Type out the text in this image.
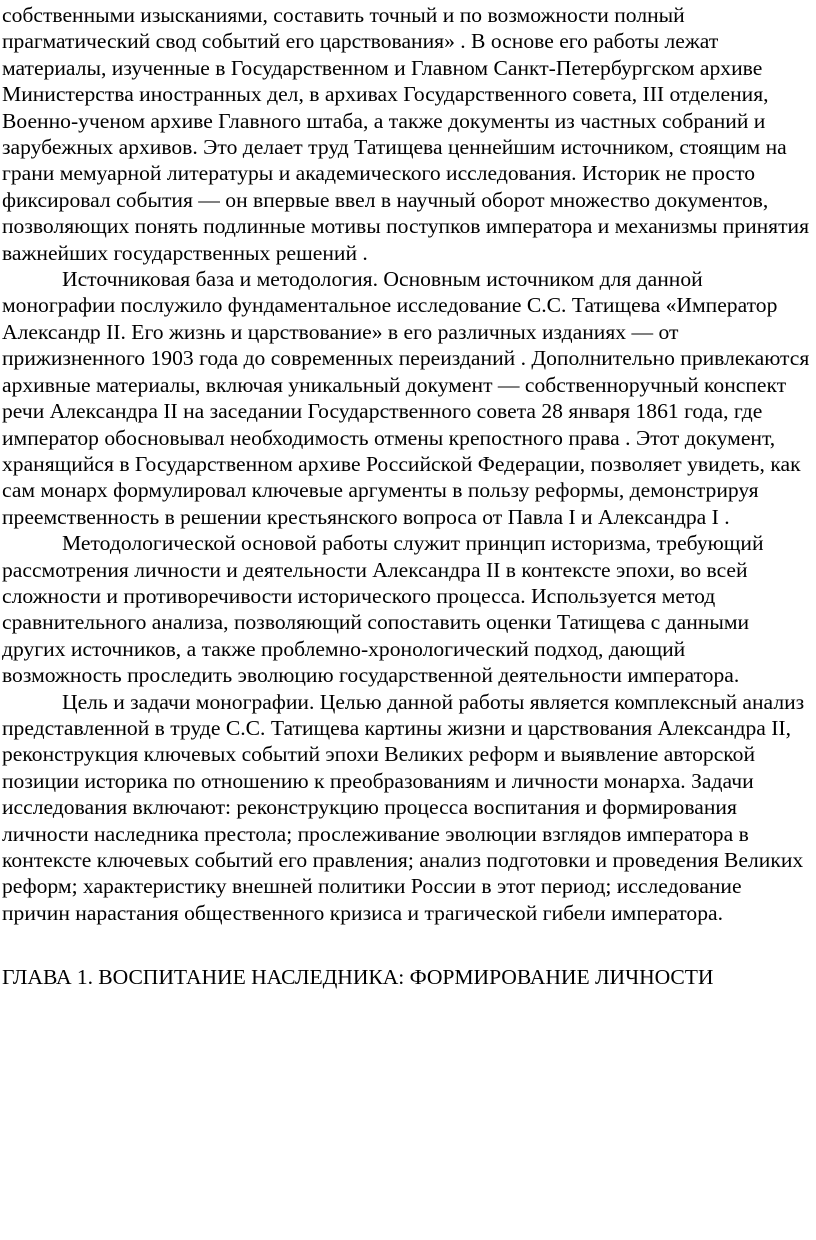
собственными изысканиями, составить точный и по возможности полный прагматический свод событий его царствования» . В основе его работы лежат материалы, изученные в Государственном и Главном Санкт-Петербургском архиве Министерства иностранных дел, в архивах Государственного совета, III отделения, Военно-ученом архиве Главного штаба, а также документы из частных собраний и зарубежных архивов. Это делает труд Татищева ценнейшим источником, стоящим на грани мемуарной литературы и академического исследования. Историк не просто фиксировал события — он впервые ввел в научный оборот множество документов, позволяющих понять подлинные мотивы поступков императора и механизмы принятия важнейших государственных решений .

Источниковая база и методология. Основным источником для данной монографии послужило фундаментальное исследование С.С. Татищева «Император Александр II. Его жизнь и царствование» в его различных изданиях — от прижизненного 1903 года до современных переизданий . Дополнительно привлекаются архивные материалы, включая уникальный документ — собственноручный конспект речи Александра II на заседании Государственного совета 28 января 1861 года, где император обосновывал необходимость отмены крепостного права . Этот документ, хранящийся в Государственном архиве Российской Федерации, позволяет увидеть, как сам монарх формулировал ключевые аргументы в пользу реформы, демонстрируя преемственность в решении крестьянского вопроса от Павла I и Александра I .

Методологической основой работы служит принцип историзма, требующий рассмотрения личности и деятельности Александра II в контексте эпохи, во всей сложности и противоречивости исторического процесса. Используется метод сравнительного анализа, позволяющий сопоставить оценки Татищева с данными других источников, а также проблемно-хронологический подход, дающий возможность проследить эволюцию государственной деятельности императора.

Цель и задачи монографии. Целью данной работы является комплексный анализ представленной в труде С.С. Татищева картины жизни и царствования Александра II, реконструкция ключевых событий эпохи Великих реформ и выявление авторской позиции историка по отношению к преобразованиям и личности монарха. Задачи исследования включают: реконструкцию процесса воспитания и формирования личности наследника престола; прослеживание эволюции взглядов императора в контексте ключевых событий его правления; анализ подготовки и проведения Великих реформ; характеристику внешней политики России в этот период; исследование причин нарастания общественного кризиса и трагической гибели императора.

ГЛАВА 1. ВОСПИТАНИЕ НАСЛЕДНИКА: ФОРМИРОВАНИЕ ЛИЧНОСТИ
